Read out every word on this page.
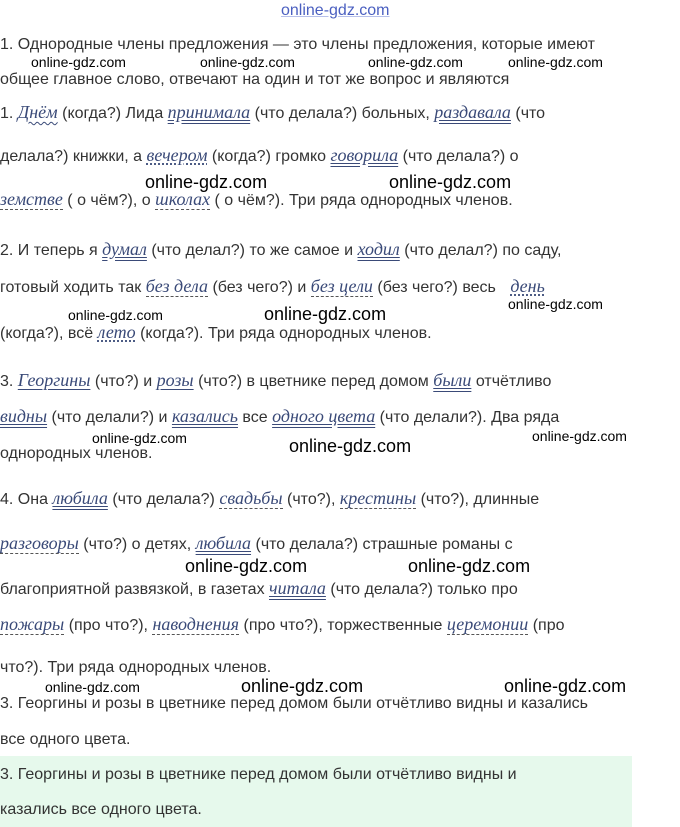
online-gdz.com
1. Однородные члены предложения — это члены предложения, которые имеют
online-gdz.com	online-gdz.com	online-gdz.com	online-gdz.com
общее главное слово, отвечают на один и тот же вопрос и являются
1. Днём (когда?) Лида принимала (что делала?) больных, раздавала (что
делала?) книжки, а вечером (когда?) громко говорила (что делала?) о
online-gdz.com	online-gdz.com
земстве ( о чём?), о школах ( о чём?). Три ряда однородных членов.
2. И теперь я думал (что делал?) то же самое и ходил (что делал?) по саду,
готовый ходить так без дела (без чего?) и без цели (без чего?) весь день
online-gdz.com
online-gdz.com	online-gdz.com
(когда?), всё лето (когда?). Три ряда однородных членов.
3. Георгины (что?) и розы (что?) в цветнике перед домом были отчётливо
видны (что делали?) и казались все одного цвета (что делали?). Два ряда
online-gdz.com	online-gdz.com	online-gdz.com
однородных членов.
4. Она любила (что делала?) свадьбы (что?), крестины (что?), длинные
разговоры (что?) о детях, любила (что делала?) страшные романы с
online-gdz.com	online-gdz.com
благоприятной развязкой, в газетах читала (что делала?) только про
пожары (про что?), наводнения (про что?), торжественные церемонии (про
что?). Три ряда однородных членов.
online-gdz.com	online-gdz.com	online-gdz.com
3. Георгины и розы в цветнике перед домом были отчётливо видны и казались
все одного цвета.
3. Георгины и розы в цветнике перед домом были отчётливо видны и
казались все одного цвета.
